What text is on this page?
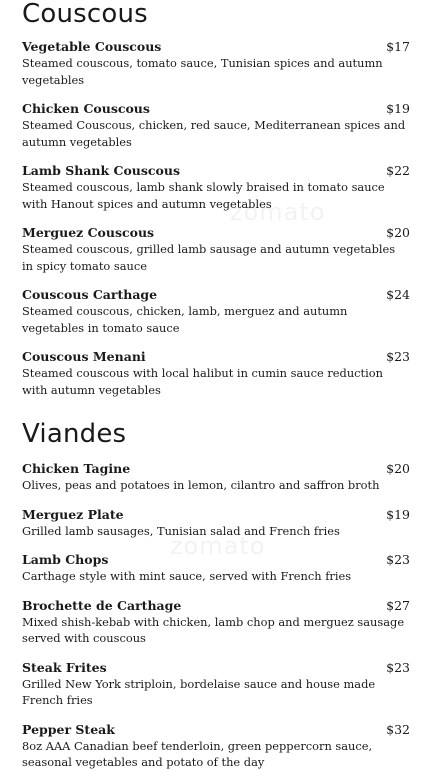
Couscous
Vegetable Couscous	$17
Steamed couscous, tomato sauce, Tunisian spices and autumn vegetables
Chicken Couscous	$19
Steamed Couscous, chicken, red sauce, Mediterranean spices and autumn vegetables
Lamb Shank Couscous	$22
Steamed couscous, lamb shank slowly braised in tomato sauce with Hanout spices and autumn vegetables
Merguez Couscous	$20
Steamed couscous, grilled lamb sausage and autumn vegetables in spicy tomato sauce
Couscous Carthage	$24
Steamed couscous, chicken, lamb, merguez and autumn vegetables in tomato sauce
Couscous Menani	$23
Steamed couscous with local halibut in cumin sauce reduction with autumn vegetables
Viandes
Chicken Tagine	$20
Olives, peas and potatoes in lemon, cilantro and saffron broth
Merguez Plate	$19
Grilled lamb sausages, Tunisian salad and French fries
Lamb Chops	$23
Carthage style with mint sauce, served with French fries
Brochette de Carthage	$27
Mixed shish-kebab with chicken, lamb chop and merguez sausage served with couscous
Steak Frites	$23
Grilled New York striploin, bordelaise sauce and house made French fries
Pepper Steak	$32
8oz AAA Canadian beef tenderloin, green peppercorn sauce, seasonal vegetables and potato of the day
zomato
zomato
